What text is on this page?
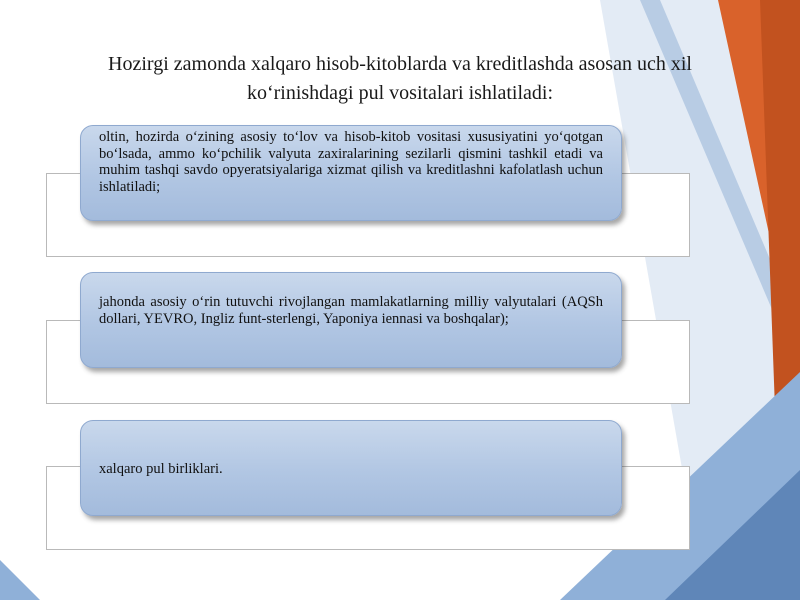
Hozirgi zamonda xalqaro hisob-kitoblarda va kreditlashda asosan uch xil ko‘rinishdagi pul vositalari ishlatiladi:
oltin, hozirda o‘zining asosiy to‘lov va hisob-kitob vositasi xususiyatini yo‘qotgan bo‘lsada, ammo ko‘pchilik valyuta zaxiralarining sezilarli qismini tashkil etadi va muhim tashqi savdo opyeratsiyalariga xizmat qilish va kreditlashni kafolatlash uchun ishlatiladi;
jahonda asosiy o‘rin tutuvchi rivojlangan mamlakatlarning milliy valyutalari (AQSh dollari, YEVRO, Ingliz funt-sterlengi, Yaponiya iennasi va boshqalar);
xalqaro pul birliklari.
